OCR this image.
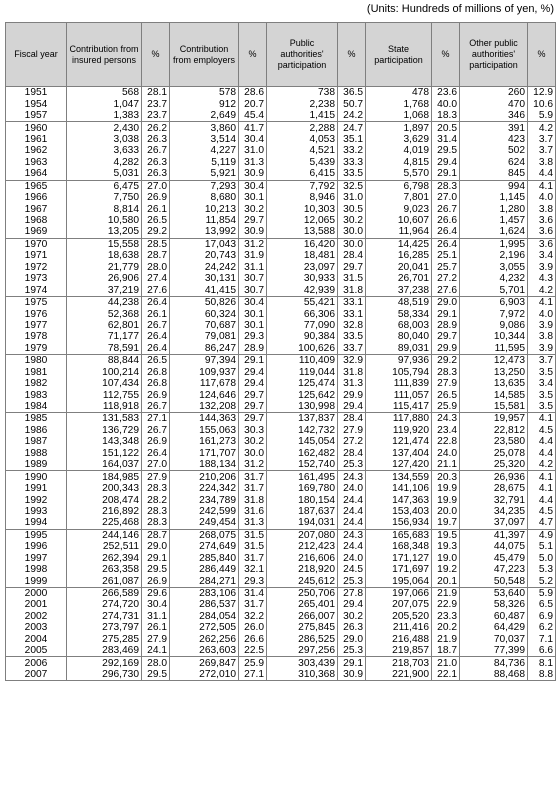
(Units: Hundreds of millions of yen, %)
Fiscal year	Contribution from insured persons	%	Contribution from employers	%	Public authorities' participation	%	State participation	%	Other public authorities' participation	%
1951	568	28.1	578	28.6	738	36.5	478	23.6	260	12.9
1954	1,047	23.7	912	20.7	2,238	50.7	1,768	40.0	470	10.6
1957	1,383	23.7	2,649	45.4	1,415	24.2	1,068	18.3	346	5.9
1960	2,430	26.2	3,860	41.7	2,288	24.7	1,897	20.5	391	4.2
1961	3,038	26.3	3,514	30.4	4,053	35.1	3,629	31.4	423	3.7
1962	3,633	26.7	4,227	31.0	4,521	33.2	4,019	29.5	502	3.7
1963	4,282	26.3	5,119	31.3	5,439	33.3	4,815	29.4	624	3.8
1964	5,031	26.3	5,921	30.9	6,415	33.5	5,570	29.1	845	4.4
1965	6,475	27.0	7,293	30.4	7,792	32.5	6,798	28.3	994	4.1
1966	7,750	26.9	8,680	30.1	8,946	31.0	7,801	27.0	1,145	4.0
1967	8,814	26.1	10,213	30.2	10,303	30.5	9,023	26.7	1,280	3.8
1968	10,580	26.5	11,854	29.7	12,065	30.2	10,607	26.6	1,457	3.6
1969	13,205	29.2	13,992	30.9	13,588	30.0	11,964	26.4	1,624	3.6
1970	15,558	28.5	17,043	31.2	16,420	30.0	14,425	26.4	1,995	3.6
1971	18,638	28.7	20,743	31.9	18,481	28.4	16,285	25.1	2,196	3.4
1972	21,779	28.0	24,242	31.1	23,097	29.7	20,041	25.7	3,055	3.9
1973	26,906	27.4	30,131	30.7	30,933	31.5	26,701	27.2	4,232	4.3
1974	37,219	27.6	41,415	30.7	42,939	31.8	37,238	27.6	5,701	4.2
1975	44,238	26.4	50,826	30.4	55,421	33.1	48,519	29.0	6,903	4.1
1976	52,368	26.1	60,324	30.1	66,306	33.1	58,334	29.1	7,972	4.0
1977	62,801	26.7	70,687	30.1	77,090	32.8	68,003	28.9	9,086	3.9
1978	71,177	26.4	79,081	29.3	90,384	33.5	80,040	29.7	10,344	3.8
1979	78,591	26.4	86,247	28.9	100,626	33.7	89,031	29.9	11,595	3.9
1980	88,844	26.5	97,394	29.1	110,409	32.9	97,936	29.2	12,473	3.7
1981	100,214	26.8	109,937	29.4	119,044	31.8	105,794	28.3	13,250	3.5
1982	107,434	26.8	117,678	29.4	125,474	31.3	111,839	27.9	13,635	3.4
1983	112,755	26.9	124,646	29.7	125,642	29.9	111,057	26.5	14,585	3.5
1984	118,918	26.7	132,208	29.7	130,998	29.4	115,417	25.9	15,581	3.5
1985	131,583	27.1	144,363	29.7	137,837	28.4	117,880	24.3	19,957	4.1
1986	136,729	26.7	155,063	30.3	142,732	27.9	119,920	23.4	22,812	4.5
1987	143,348	26.9	161,273	30.2	145,054	27.2	121,474	22.8	23,580	4.4
1988	151,122	26.4	171,707	30.0	162,482	28.4	137,404	24.0	25,078	4.4
1989	164,037	27.0	188,134	31.2	152,740	25.3	127,420	21.1	25,320	4.2
1990	184,985	27.9	210,206	31.7	161,495	24.3	134,559	20.3	26,936	4.1
1991	200,343	28.3	224,342	31.7	169,780	24.0	141,106	19.9	28,675	4.1
1992	208,474	28.2	234,789	31.8	180,154	24.4	147,363	19.9	32,791	4.4
1993	216,892	28.3	242,599	31.6	187,637	24.4	153,403	20.0	34,235	4.5
1994	225,468	28.3	249,454	31.3	194,031	24.4	156,934	19.7	37,097	4.7
1995	244,146	28.7	268,075	31.5	207,080	24.3	165,683	19.5	41,397	4.9
1996	252,511	29.0	274,649	31.5	212,423	24.4	168,348	19.3	44,075	5.1
1997	262,394	29.1	285,840	31.7	216,606	24.0	171,127	19.0	45,479	5.0
1998	263,358	29.5	286,449	32.1	218,920	24.5	171,697	19.2	47,223	5.3
1999	261,087	26.9	284,271	29.3	245,612	25.3	195,064	20.1	50,548	5.2
2000	266,589	29.6	283,106	31.4	250,706	27.8	197,066	21.9	53,640	5.9
2001	274,720	30.4	286,537	31.7	265,401	29.4	207,075	22.9	58,326	6.5
2002	274,731	31.1	284,054	32.2	266,007	30.2	205,520	23.3	60,487	6.9
2003	273,797	26.1	272,505	26.0	275,845	26.3	211,416	20.2	64,429	6.2
2004	275,285	27.9	262,256	26.6	286,525	29.0	216,488	21.9	70,037	7.1
2005	283,469	24.1	263,603	22.5	297,256	25.3	219,857	18.7	77,399	6.6
2006	292,169	28.0	269,847	25.9	303,439	29.1	218,703	21.0	84,736	8.1
2007	296,730	29.5	272,010	27.1	310,368	30.9	221,900	22.1	88,468	8.8
